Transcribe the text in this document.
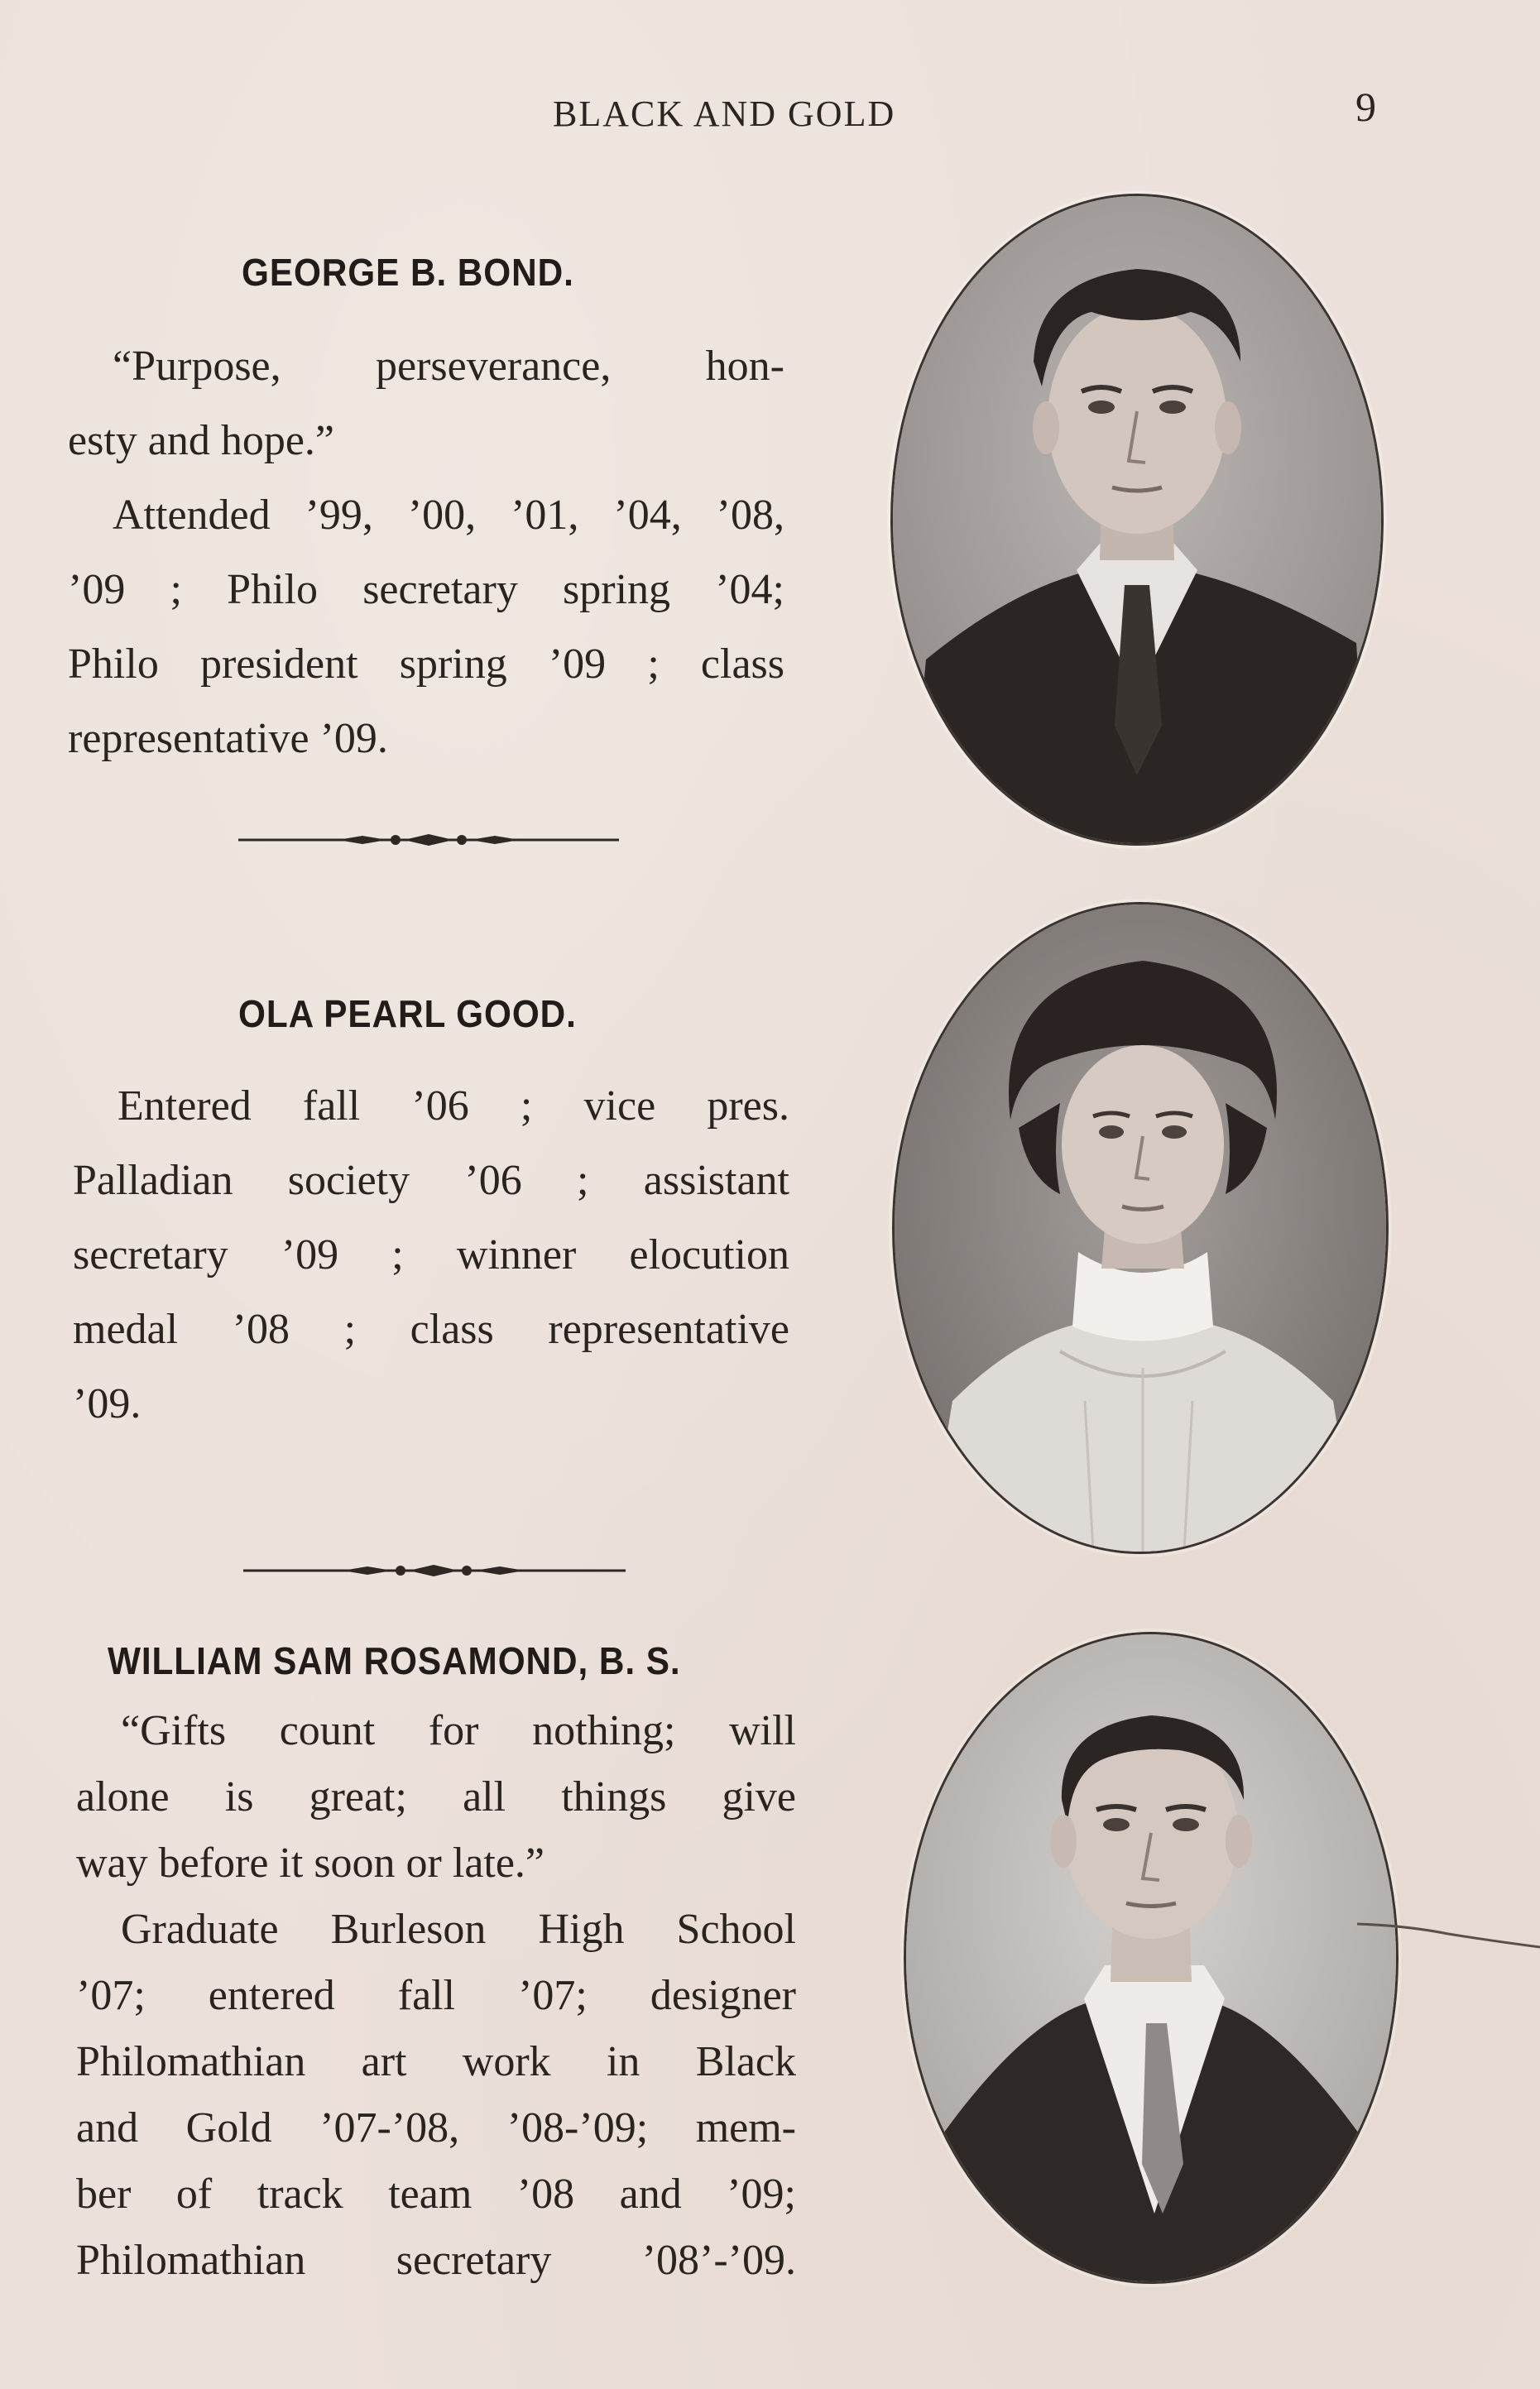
BLACK AND GOLD	9
GEORGE B. BOND.
“Purpose, perseverance, hon-
esty and hope.”
Attended ’99, ’00, ’01, ’04, ’08,
’09 ; Philo secretary spring ’04;
Philo president spring ’09 ; class
representative ’09.
OLA PEARL GOOD.
Entered fall ’06 ; vice pres.
Palladian society ’06 ; assistant
secretary ’09 ; winner elocution
medal ’08 ; class representative
’09.
WILLIAM SAM ROSAMOND, B. S.
“Gifts count for nothing; will
alone is great; all things give
way before it soon or late.”
Graduate Burleson High School
’07; entered fall ’07; designer
Philomathian art work in Black
and Gold ’07-’08, ’08-’09; mem-
ber of track team ’08 and ’09;
Philomathian secretary ’08’-’09.
